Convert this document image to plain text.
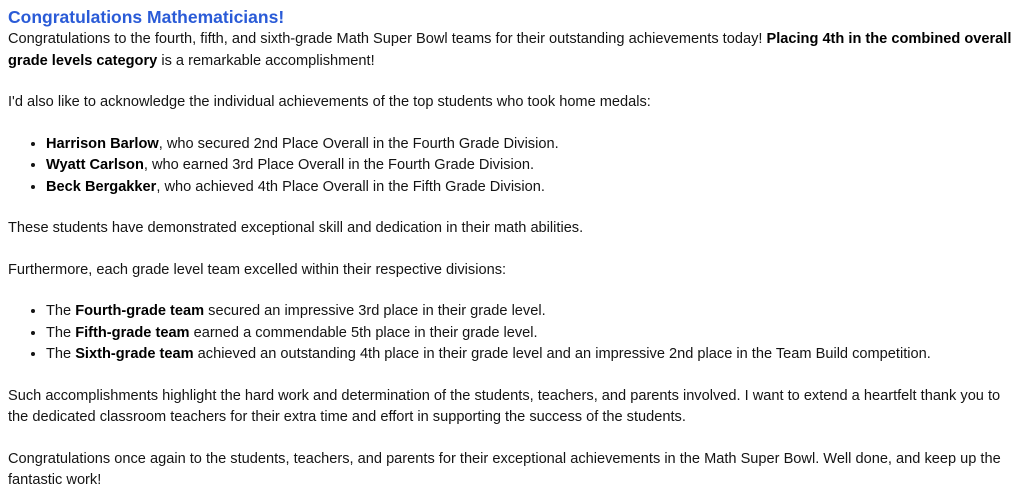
Congratulations Mathematicians!

Congratulations to the fourth, fifth, and sixth-grade Math Super Bowl teams for their outstanding achievements today! Placing 4th in the combined overall grade levels category is a remarkable accomplishment!

I'd also like to acknowledge the individual achievements of the top students who took home medals:

• Harrison Barlow, who secured 2nd Place Overall in the Fourth Grade Division.
• Wyatt Carlson, who earned 3rd Place Overall in the Fourth Grade Division.
• Beck Bergakker, who achieved 4th Place Overall in the Fifth Grade Division.

These students have demonstrated exceptional skill and dedication in their math abilities.

Furthermore, each grade level team excelled within their respective divisions:

• The Fourth-grade team secured an impressive 3rd place in their grade level.
• The Fifth-grade team earned a commendable 5th place in their grade level.
• The Sixth-grade team achieved an outstanding 4th place in their grade level and an impressive 2nd place in the Team Build competition.

Such accomplishments highlight the hard work and determination of the students, teachers, and parents involved. I want to extend a heartfelt thank you to the dedicated classroom teachers for their extra time and effort in supporting the success of the students.

Congratulations once again to the students, teachers, and parents for their exceptional achievements in the Math Super Bowl. Well done, and keep up the fantastic work!
